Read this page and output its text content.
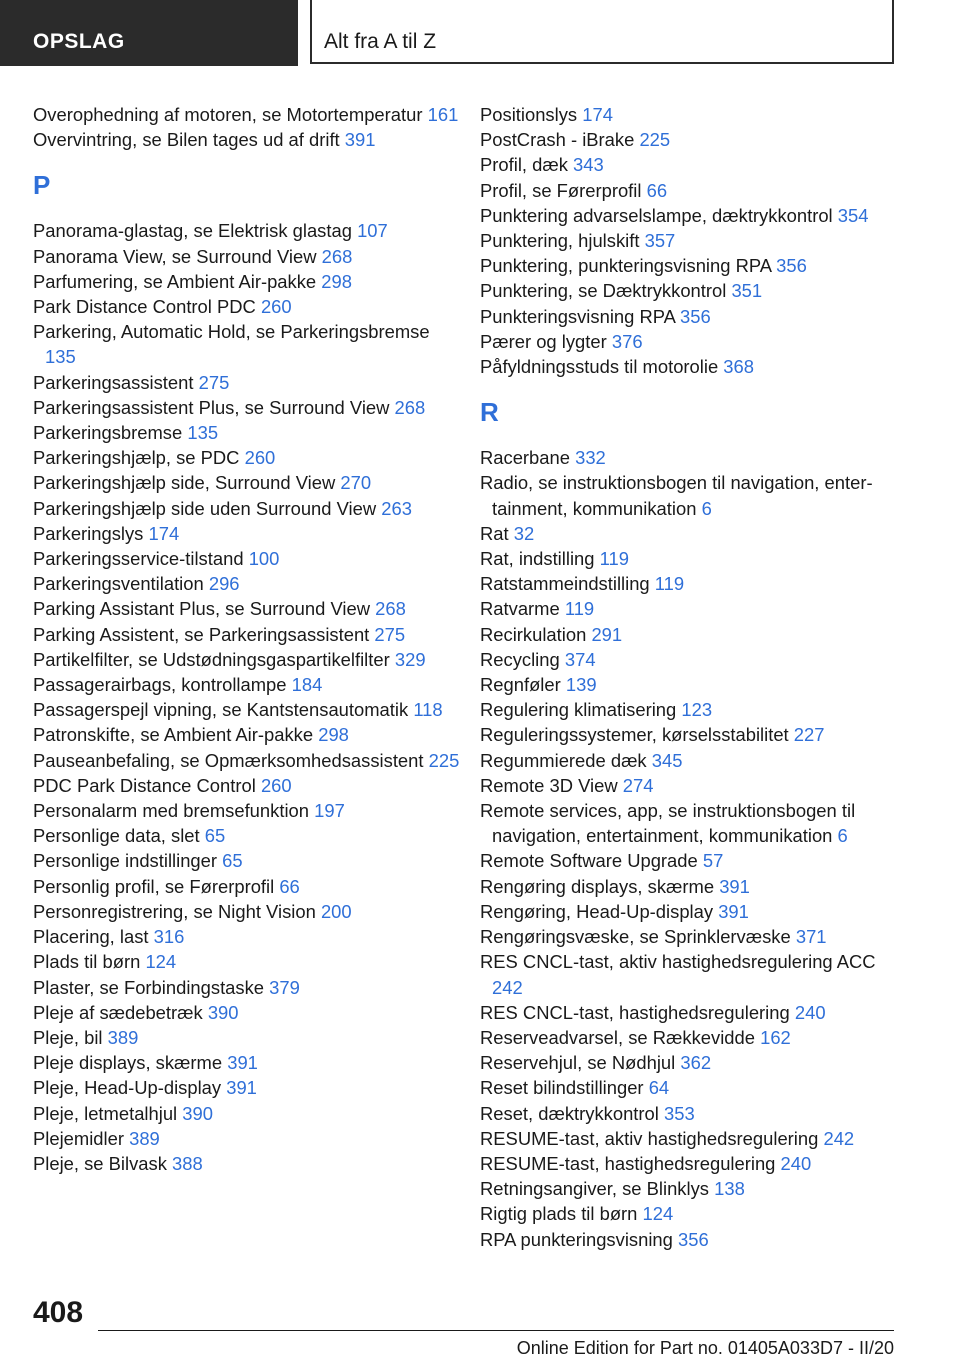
OPSLAG	Alt fra A til Z
Overophedning af motoren, se Motortemperatur 161
Overvintring, se Bilen tages ud af drift 391
P
Panorama-glastag, se Elektrisk glastag 107
Panorama View, se Surround View 268
Parfumering, se Ambient Air-pakke 298
Park Distance Control PDC 260
Parkering, Automatic Hold, se Parkeringsbremse 135
Parkeringsassistent 275
Parkeringsassistent Plus, se Surround View 268
Parkeringsbremse 135
Parkeringshjælp, se PDC 260
Parkeringshjælp side, Surround View 270
Parkeringshjælp side uden Surround View 263
Parkeringslys 174
Parkeringsservice-tilstand 100
Parkeringsventilation 296
Parking Assistant Plus, se Surround View 268
Parking Assistent, se Parkeringsassistent 275
Partikelfilter, se Udstødningsgaspartikelfilter 329
Passagerairbags, kontrollampe 184
Passagerspejl vipning, se Kantstensautomatik 118
Patronskifte, se Ambient Air-pakke 298
Pauseanbefaling, se Opmærksomhedsassistent 225
PDC Park Distance Control 260
Personalarm med bremsefunktion 197
Personlige data, slet 65
Personlige indstillinger 65
Personlig profil, se Førerprofil 66
Personregistrering, se Night Vision 200
Placering, last 316
Plads til børn 124
Plaster, se Forbindingstaske 379
Pleje af sædebetræk 390
Pleje, bil 389
Pleje displays, skærme 391
Pleje, Head-Up-display 391
Pleje, letmetalhjul 390
Plejemidler 389
Pleje, se Bilvask 388
Positionslys 174
PostCrash - iBrake 225
Profil, dæk 343
Profil, se Førerprofil 66
Punktering advarselslampe, dæktrykkontrol 354
Punktering, hjulskift 357
Punktering, punkteringsvisning RPA 356
Punktering, se Dæktrykkontrol 351
Punkteringsvisning RPA 356
Pærer og lygter 376
Påfyldningsstuds til motorolie 368
R
Racerbane 332
Radio, se instruktionsbogen til navigation, entertainment, kommunikation 6
Rat 32
Rat, indstilling 119
Ratstammeindstilling 119
Ratvarme 119
Recirkulation 291
Recycling 374
Regnføler 139
Regulering klimatisering 123
Reguleringssystemer, kørselsstabilitet 227
Regummierede dæk 345
Remote 3D View 274
Remote services, app, se instruktionsbogen til navigation, entertainment, kommunikation 6
Remote Software Upgrade 57
Rengøring displays, skærme 391
Rengøring, Head-Up-display 391
Rengøringsvæske, se Sprinklervæske 371
RES CNCL-tast, aktiv hastighedsregulering ACC 242
RES CNCL-tast, hastighedsregulering 240
Reserveadvarsel, se Rækkevidde 162
Reservehjul, se Nødhjul 362
Reset bilindstillinger 64
Reset, dæktrykkontrol 353
RESUME-tast, aktiv hastighedsregulering 242
RESUME-tast, hastighedsregulering 240
Retningsangiver, se Blinklys 138
Rigtig plads til børn 124
RPA punkteringsvisning 356
408
Online Edition for Part no. 01405A033D7 - II/20
